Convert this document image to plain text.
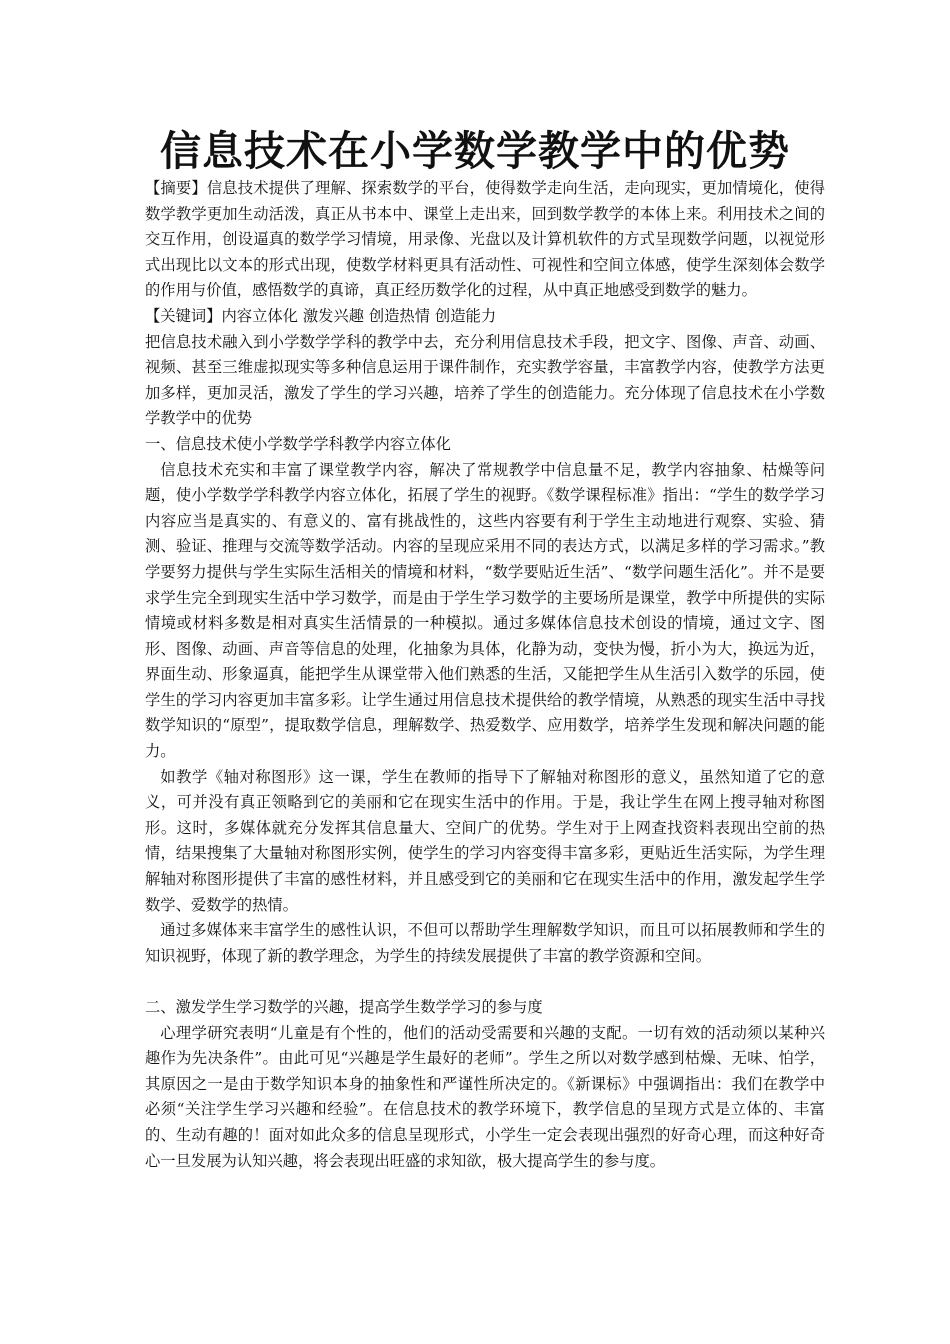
信息技术在小学数学教学中的优势

【摘要】信息技术提供了理解、探索数学的平台，使得数学走向生活，走向现实，更加情境化，使得数学教学更加生动活泼，真正从书本中、课堂上走出来，回到数学教学的本体上来。利用技术之间的交互作用，创设逼真的数学学习情境，用录像、光盘以及计算机软件的方式呈现数学问题，以视觉形式出现比以文本的形式出现，使数学材料更具有活动性、可视性和空间立体感，使学生深刻体会数学的作用与价值，感悟数学的真谛，真正经历数学化的过程，从中真正地感受到数学的魅力。

【关键词】内容立体化 激发兴趣 创造热情 创造能力

把信息技术融入到小学数学学科的教学中去，充分利用信息技术手段，把文字、图像、声音、动画、视频、甚至三维虚拟现实等多种信息运用于课件制作，充实教学容量，丰富教学内容，使教学方法更加多样，更加灵活，激发了学生的学习兴趣，培养了学生的创造能力。充分体现了信息技术在小学数学教学中的优势

一、信息技术使小学数学学科教学内容立体化

信息技术充实和丰富了课堂教学内容，解决了常规教学中信息量不足，教学内容抽象、枯燥等问题，使小学数学学科教学内容立体化，拓展了学生的视野。《数学课程标准》指出：“学生的数学学习内容应当是真实的、有意义的、富有挑战性的，这些内容要有利于学生主动地进行观察、实验、猜测、验证、推理与交流等数学活动。内容的呈现应采用不同的表达方式，以满足多样的学习需求。”教学要努力提供与学生实际生活相关的情境和材料，“数学要贴近生活”、“数学问题生活化”。并不是要求学生完全到现实生活中学习数学，而是由于学生学习数学的主要场所是课堂，教学中所提供的实际情境或材料多数是相对真实生活情景的一种模拟。通过多媒体信息技术创设的情境，通过文字、图形、图像、动画、声音等信息的处理，化抽象为具体，化静为动，变快为慢，折小为大，换远为近，界面生动、形象逼真，能把学生从课堂带入他们熟悉的生活，又能把学生从生活引入数学的乐园，使学生的学习内容更加丰富多彩。让学生通过用信息技术提供给的教学情境，从熟悉的现实生活中寻找数学知识的“原型”，提取数学信息，理解数学、热爱数学、应用数学，培养学生发现和解决问题的能力。

如教学《轴对称图形》这一课，学生在教师的指导下了解轴对称图形的意义，虽然知道了它的意义，可并没有真正领略到它的美丽和它在现实生活中的作用。于是，我让学生在网上搜寻轴对称图形。这时，多媒体就充分发挥其信息量大、空间广的优势。学生对于上网查找资料表现出空前的热情，结果搜集了大量轴对称图形实例，使学生的学习内容变得丰富多彩，更贴近生活实际，为学生理解轴对称图形提供了丰富的感性材料，并且感受到它的美丽和它在现实生活中的作用，激发起学生学数学、爱数学的热情。

通过多媒体来丰富学生的感性认识，不但可以帮助学生理解数学知识，而且可以拓展教师和学生的知识视野，体现了新的教学理念，为学生的持续发展提供了丰富的教学资源和空间。

二、激发学生学习数学的兴趣，提高学生数学学习的参与度

心理学研究表明“儿童是有个性的，他们的活动受需要和兴趣的支配。一切有效的活动须以某种兴趣作为先决条件”。由此可见“兴趣是学生最好的老师”。学生之所以对数学感到枯燥、无味、怕学，其原因之一是由于数学知识本身的抽象性和严谨性所决定的。《新课标》中强调指出：我们在教学中必须“关注学生学习兴趣和经验”。在信息技术的教学环境下，教学信息的呈现方式是立体的、丰富的、生动有趣的！面对如此众多的信息呈现形式，小学生一定会表现出强烈的好奇心理，而这种好奇心一旦发展为认知兴趣，将会表现出旺盛的求知欲，极大提高学生的参与度。
